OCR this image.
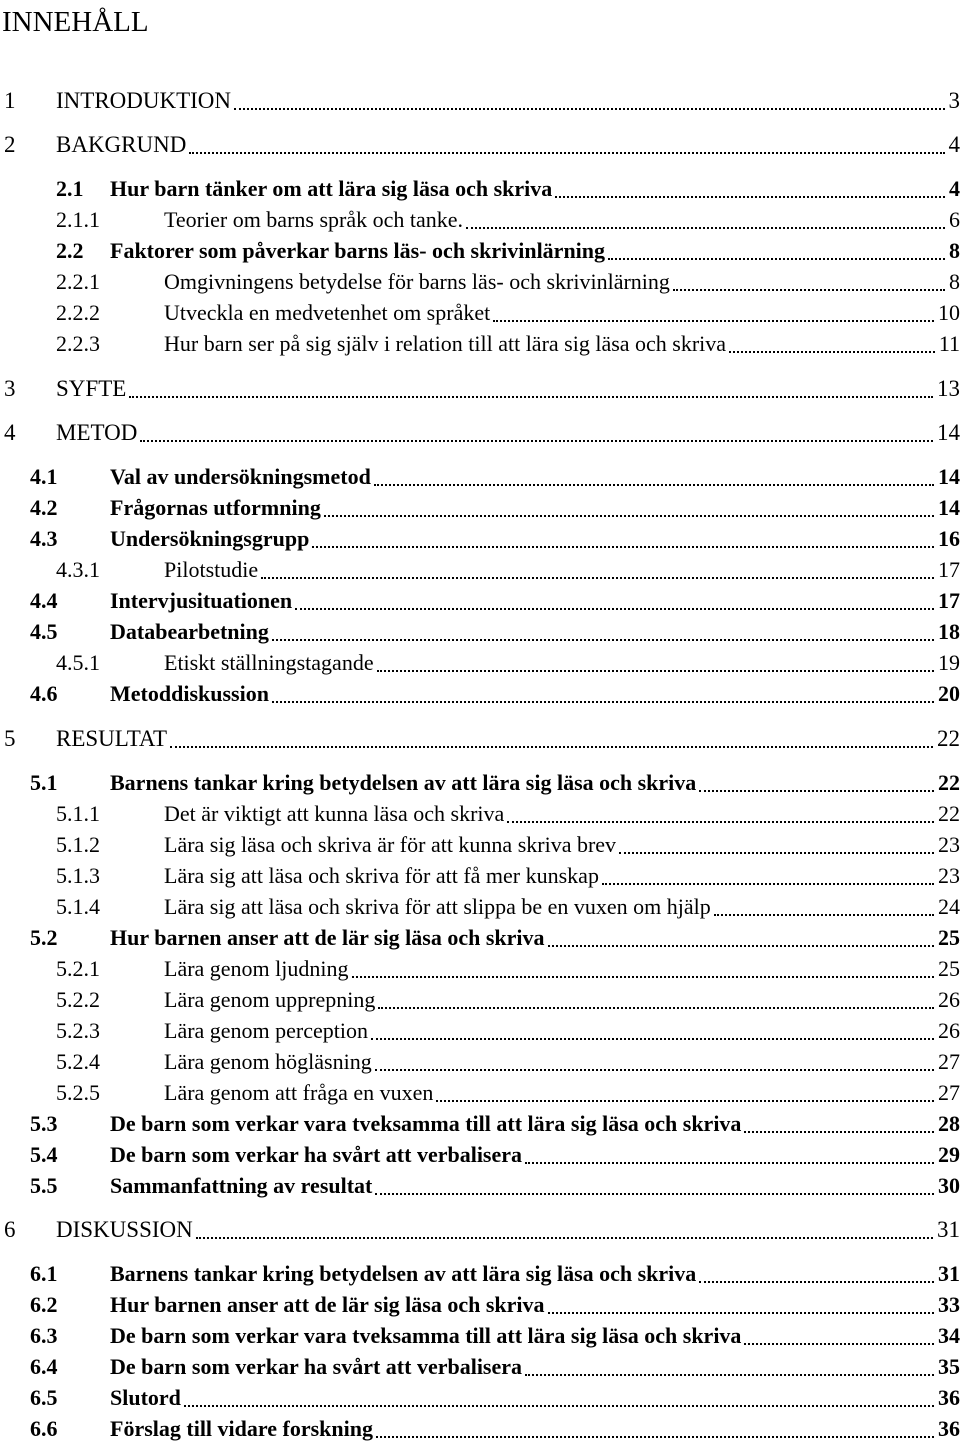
INNEHÅLL
1 INTRODUKTION	3
2 BAKGRUND	4
2.1 Hur barn tänker om att lära sig läsa och skriva	4
2.1.1	Teorier om barns språk och tanke.	6
2.2 Faktorer som påverkar barns läs- och skrivinlärning	8
2.2.1	Omgivningens betydelse för barns läs- och skrivinlärning	8
2.2.2	Utveckla en medvetenhet om språket	10
2.2.3	Hur barn ser på sig själv i relation till att lära sig läsa och skriva	11
3 SYFTE	13
4 METOD	14
4.1 Val av undersökningsmetod	14
4.2 Frågornas utformning	14
4.3 Undersökningsgrupp	16
4.3.1	Pilotstudie	17
4.4 Intervjusituationen	17
4.5 Databearbetning	18
4.5.1	Etiskt ställningstagande	19
4.6 Metoddiskussion	20
5 RESULTAT	22
5.1 Barnens tankar kring betydelsen av att lära sig läsa och skriva	22
5.1.1	Det är viktigt att kunna läsa och skriva	22
5.1.2	Lära sig läsa och skriva är för att kunna skriva brev	23
5.1.3	Lära sig att läsa och skriva för att få mer kunskap	23
5.1.4	Lära sig att läsa och skriva för att slippa be en vuxen om hjälp	24
5.2 Hur barnen anser att de lär sig läsa och skriva	25
5.2.1	Lära genom ljudning	25
5.2.2	Lära genom upprepning	26
5.2.3	Lära genom perception	26
5.2.4	Lära genom högläsning	27
5.2.5	Lära genom att fråga en vuxen	27
5.3 De barn som verkar vara tveksamma till att lära sig läsa och skriva	28
5.4 De barn som verkar ha svårt att verbalisera	29
5.5 Sammanfattning av resultat	30
6 DISKUSSION	31
6.1 Barnens tankar kring betydelsen av att lära sig läsa och skriva	31
6.2 Hur barnen anser att de lär sig läsa och skriva	33
6.3 De barn som verkar vara tveksamma till att lära sig läsa och skriva	34
6.4 De barn som verkar ha svårt att verbalisera	35
6.5 Slutord	36
6.6 Förslag till vidare forskning	36
